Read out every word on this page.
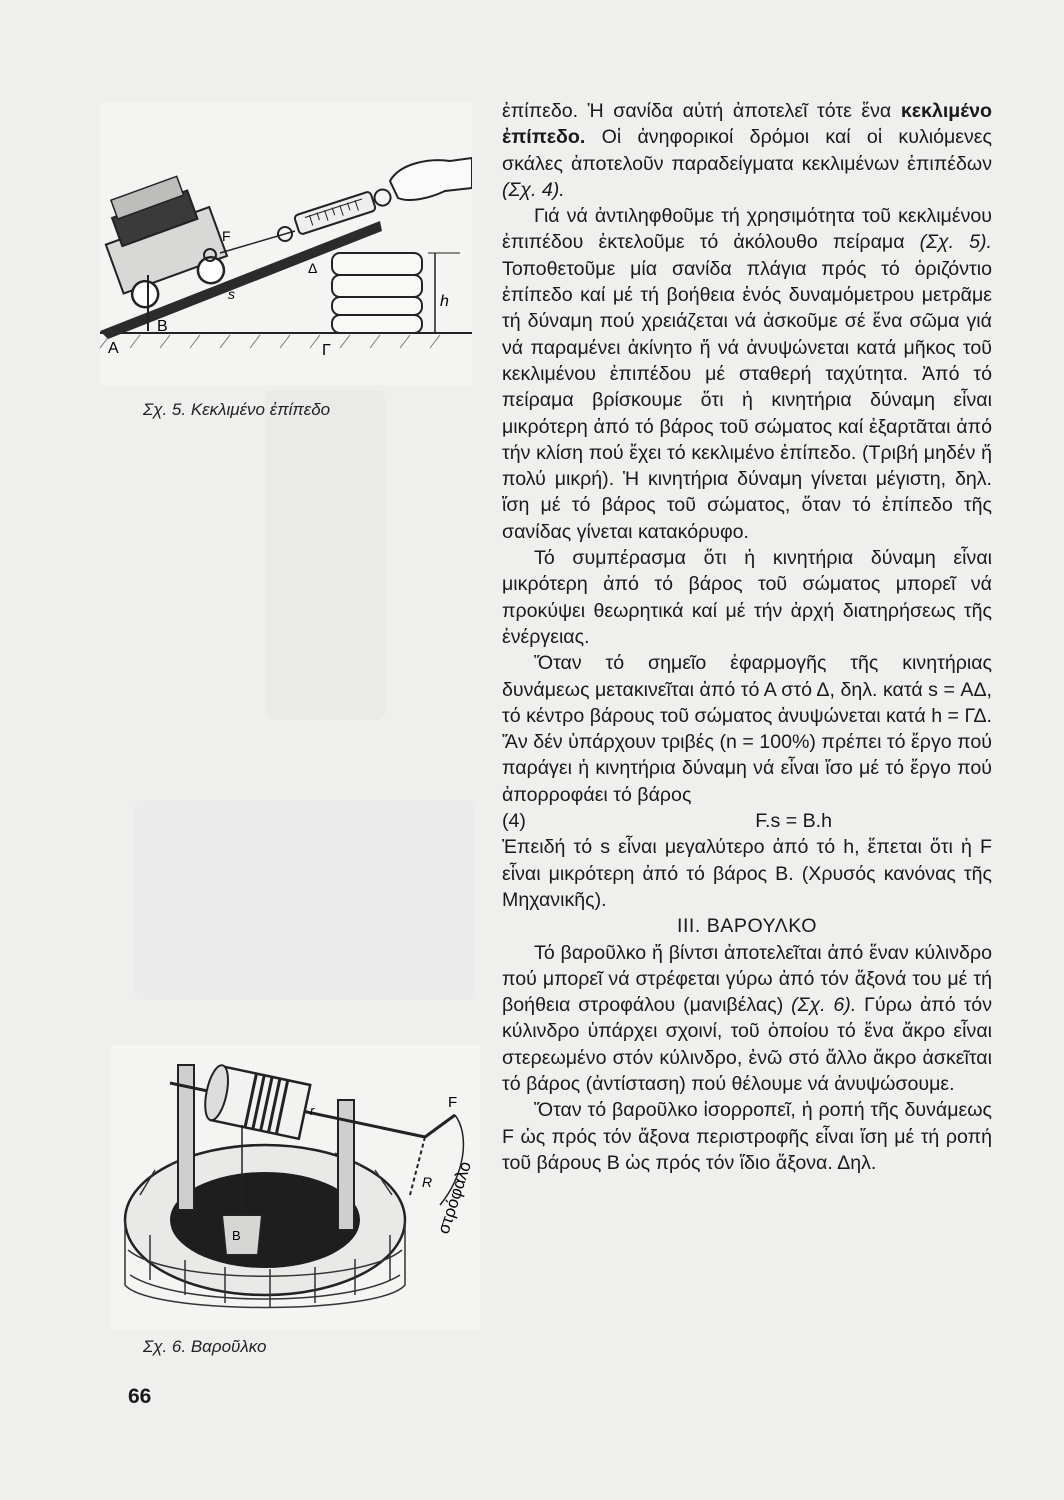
A
B
F
s
Δ
Γ
h
Σχ. 5. Κεκλιμένο ἐπίπεδο
F
r
R
B	στρόφαλο
Σχ. 6. Βαροῦλκο

ἐπίπεδο. Ἡ σανίδα αὐτή ἀποτελεῖ τότε ἕνα κεκλιμένο ἐπίπεδο. Οἱ ἀνηφορικοί δρόμοι καί οἱ κυλιόμενες σκάλες ἀποτελοῦν παραδείγματα κεκλιμένων ἐπιπέδων (Σχ. 4).

Γιά νά ἀντιληφθοῦμε τή χρησιμότητα τοῦ κεκλιμένου ἐπιπέδου ἐκτελοῦμε τό ἀκόλουθο πείραμα (Σχ. 5). Τοποθετοῦμε μία σανίδα πλάγια πρός τό ὁριζόντιο ἐπίπεδο καί μέ τή βοήθεια ἑνός δυναμόμετρου μετρᾶμε τή δύναμη πού χρειάζεται νά ἀσκοῦμε σέ ἕνα σῶμα γιά νά παραμένει ἀκίνητο ἤ νά ἀνυψώνεται κατά μῆκος τοῦ κεκλιμένου ἐπιπέδου μέ σταθερή ταχύτητα. Ἀπό τό πείραμα βρίσκουμε ὅτι ἡ κινητήρια δύναμη εἶναι μικρότερη ἀπό τό βάρος τοῦ σώματος καί ἐξαρτᾶται ἀπό τήν κλίση πού ἔχει τό κεκλιμένο ἐπίπεδο. (Τριβή μηδέν ἤ πολύ μικρή). Ἡ κινητήρια δύναμη γίνεται μέγιστη, δηλ. ἴση μέ τό βάρος τοῦ σώματος, ὅταν τό ἐπίπεδο τῆς σανίδας γίνεται κατακόρυφο.

Τό συμπέρασμα ὅτι ἡ κινητήρια δύναμη εἶναι μικρότερη ἀπό τό βάρος τοῦ σώματος μπορεῖ νά προκύψει θεωρητικά καί μέ τήν ἀρχή διατηρήσεως τῆς ἐνέργειας.

Ὅταν τό σημεῖο ἐφαρμογῆς τῆς κινητήριας δυνάμεως μετακινεῖται ἀπό τό Α στό Δ, δηλ. κατά s = ΑΔ, τό κέντρο βάρους τοῦ σώματος ἀνυψώνεται κατά h = ΓΔ. Ἄν δέν ὑπάρχουν τριβές (n = 100%) πρέπει τό ἔργο πού παράγει ἡ κινητήρια δύναμη νά εἶναι ἴσο μέ τό ἔργο πού ἀπορροφάει τό βάρος

(4)	F.s = B.h

Ἐπειδή τό s εἶναι μεγαλύτερο ἀπό τό h, ἕπεται ὅτι ἡ F εἶναι μικρότερη ἀπό τό βάρος Β. (Χρυσός κανόνας τῆς Μηχανικῆς).

III. ΒΑΡΟΥΛΚΟ

Τό βαροῦλκο ἤ βίντσι ἀποτελεῖται ἀπό ἕναν κύλινδρο πού μπορεῖ νά στρέφεται γύρω ἀπό τόν ἄξονά του μέ τή βοήθεια στροφάλου (μανιβέλας) (Σχ. 6). Γύρω ἀπό τόν κύλινδρο ὑπάρχει σχοινί, τοῦ ὁποίου τό ἕνα ἄκρο εἶναι στερεωμένο στόν κύλινδρο, ἐνῶ στό ἄλλο ἄκρο ἀσκεῖται τό βάρος (ἀντίσταση) πού θέλουμε νά ἀνυψώσουμε.

Ὅταν τό βαροῦλκο ἰσορροπεῖ, ἡ ροπή τῆς δυνάμεως F ὡς πρός τόν ἄξονα περιστροφῆς εἶναι ἴση μέ τή ροπή τοῦ βάρους Β ὡς πρός τόν ἴδιο ἄξονα. Δηλ.

66
